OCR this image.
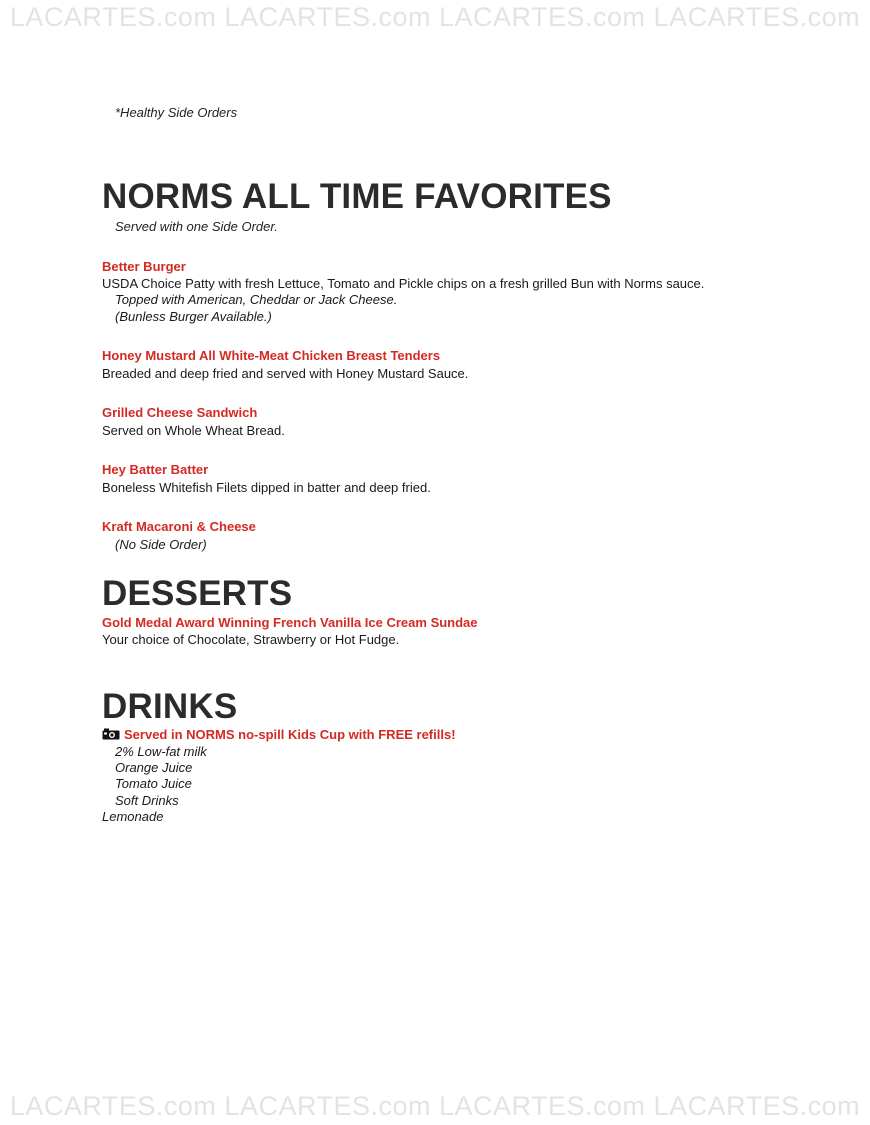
LACARTES.com LACARTES.com LACARTES.com LACARTES.com
*Healthy Side Orders
NORMS ALL TIME FAVORITES
Served with one Side Order.
Better Burger
USDA Choice Patty with fresh Lettuce, Tomato and Pickle chips on a fresh grilled Bun with Norms sauce.
Topped with American, Cheddar or Jack Cheese.
(Bunless Burger Available.)
Honey Mustard All White-Meat Chicken Breast Tenders
Breaded and deep fried and served with Honey Mustard Sauce.
Grilled Cheese Sandwich
Served on Whole Wheat Bread.
Hey Batter Batter
Boneless Whitefish Filets dipped in batter and deep fried.
Kraft Macaroni & Cheese
(No Side Order)
DESSERTS
Gold Medal Award Winning French Vanilla Ice Cream Sundae
Your choice of Chocolate, Strawberry or Hot Fudge.
DRINKS
Served in NORMS no-spill Kids Cup with FREE refills!
2% Low-fat milk
Orange Juice
Tomato Juice
Soft Drinks
Lemonade
LACARTES.com LACARTES.com LACARTES.com LACARTES.com
